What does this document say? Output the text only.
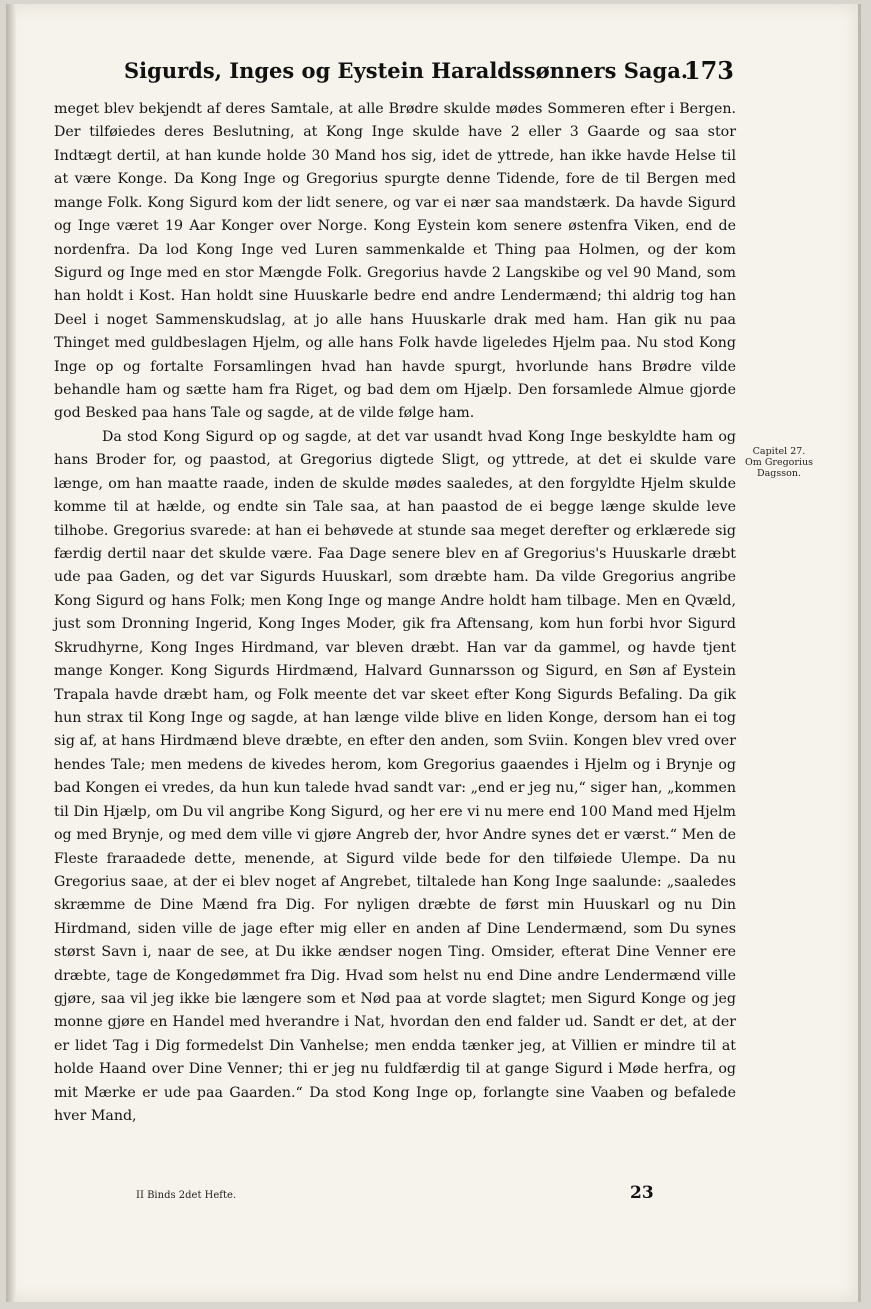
Sigurds, Inges og Eystein Haraldssønners Saga.
173

meget blev bekjendt af deres Samtale, at alle Brødre skulde mødes Sommeren efter i Bergen. Der tilføiedes deres Beslutning, at Kong Inge skulde have 2 eller 3 Gaarde og saa stor Indtægt dertil, at han kunde holde 30 Mand hos sig, idet de yttrede, han ikke havde Helse til at være Konge. Da Kong Inge og Gregorius spurgte denne Tidende, fore de til Bergen med mange Folk. Kong Sigurd kom der lidt senere, og var ei nær saa mandstærk. Da havde Sigurd og Inge været 19 Aar Konger over Norge. Kong Eystein kom senere østenfra Viken, end de nordenfra. Da lod Kong Inge ved Luren sammenkalde et Thing paa Holmen, og der kom Sigurd og Inge med en stor Mængde Folk. Gregorius havde 2 Langskibe og vel 90 Mand, som han holdt i Kost. Han holdt sine Huuskarle bedre end andre Lendermænd; thi aldrig tog han Deel i noget Sammenskudslag, at jo alle hans Huuskarle drak med ham. Han gik nu paa Thinget med guldbeslagen Hjelm, og alle hans Folk havde ligeledes Hjelm paa. Nu stod Kong Inge op og fortalte Forsamlingen hvad han havde spurgt, hvorlunde hans Brødre vilde behandle ham og sætte ham fra Riget, og bad dem om Hjælp. Den forsamlede Almue gjorde god Besked paa hans Tale og sagde, at de vilde følge ham.

Da stod Kong Sigurd op og sagde, at det var usandt hvad Kong Inge beskyldte ham og hans Broder for, og paastod, at Gregorius digtede Sligt, og yttrede, at det ei skulde vare længe, om han maatte raade, inden de skulde mødes saaledes, at den forgyldte Hjelm skulde komme til at hælde, og endte sin Tale saa, at han paastod de ei begge længe skulde leve tilhobe. Gregorius svarede: at han ei behøvede at stunde saa meget derefter og erklærede sig færdig dertil naar det skulde være. Faa Dage senere blev en af Gregorius's Huuskarle dræbt ude paa Gaden, og det var Sigurds Huuskarl, som dræbte ham. Da vilde Gregorius angribe Kong Sigurd og hans Folk; men Kong Inge og mange Andre holdt ham tilbage. Men en Qvæld, just som Dronning Ingerid, Kong Inges Moder, gik fra Aftensang, kom hun forbi hvor Sigurd Skrudhyrne, Kong Inges Hirdmand, var bleven dræbt. Han var da gammel, og havde tjent mange Konger. Kong Sigurds Hirdmænd, Halvard Gunnarsson og Sigurd, en Søn af Eystein Trapala havde dræbt ham, og Folk meente det var skeet efter Kong Sigurds Befaling. Da gik hun strax til Kong Inge og sagde, at han længe vilde blive en liden Konge, dersom han ei tog sig af, at hans Hirdmænd bleve dræbte, en efter den anden, som Sviin. Kongen blev vred over hendes Tale; men medens de kivedes herom, kom Gregorius gaaendes i Hjelm og i Brynje og bad Kongen ei vredes, da hun kun talede hvad sandt var: „end er jeg nu,“ siger han, „kommen til Din Hjælp, om Du vil angribe Kong Sigurd, og her ere vi nu mere end 100 Mand med Hjelm og med Brynje, og med dem ville vi gjøre Angreb der, hvor Andre synes det er værst.“ Men de Fleste fraraadede dette, menende, at Sigurd vilde bede for den tilføiede Ulempe. Da nu Gregorius saae, at der ei blev noget af Angrebet, tiltalede han Kong Inge saalunde: „saaledes skræmme de Dine Mænd fra Dig. For nyligen dræbte de først min Huuskarl og nu Din Hirdmand, siden ville de jage efter mig eller en anden af Dine Lendermænd, som Du synes størst Savn i, naar de see, at Du ikke ændser nogen Ting. Omsider, efterat Dine Venner ere dræbte, tage de Kongedømmet fra Dig. Hvad som helst nu end Dine andre Lendermænd ville gjøre, saa vil jeg ikke bie længere som et Nød paa at vorde slagtet; men Sigurd Konge og jeg monne gjøre en Handel med hverandre i Nat, hvordan den end falder ud. Sandt er det, at der er lidet Tag i Dig formedelst Din Vanhelse; men endda tænker jeg, at Villien er mindre til at holde Haand over Dine Venner; thi er jeg nu fuldfærdig til at gange Sigurd i Møde herfra, og mit Mærke er ude paa Gaarden.“ Da stod Kong Inge op, forlangte sine Vaaben og befalede hver Mand,

Capitel 27.
Om Gregorius
Dagsson.
II Binds 2det Hefte.	23
